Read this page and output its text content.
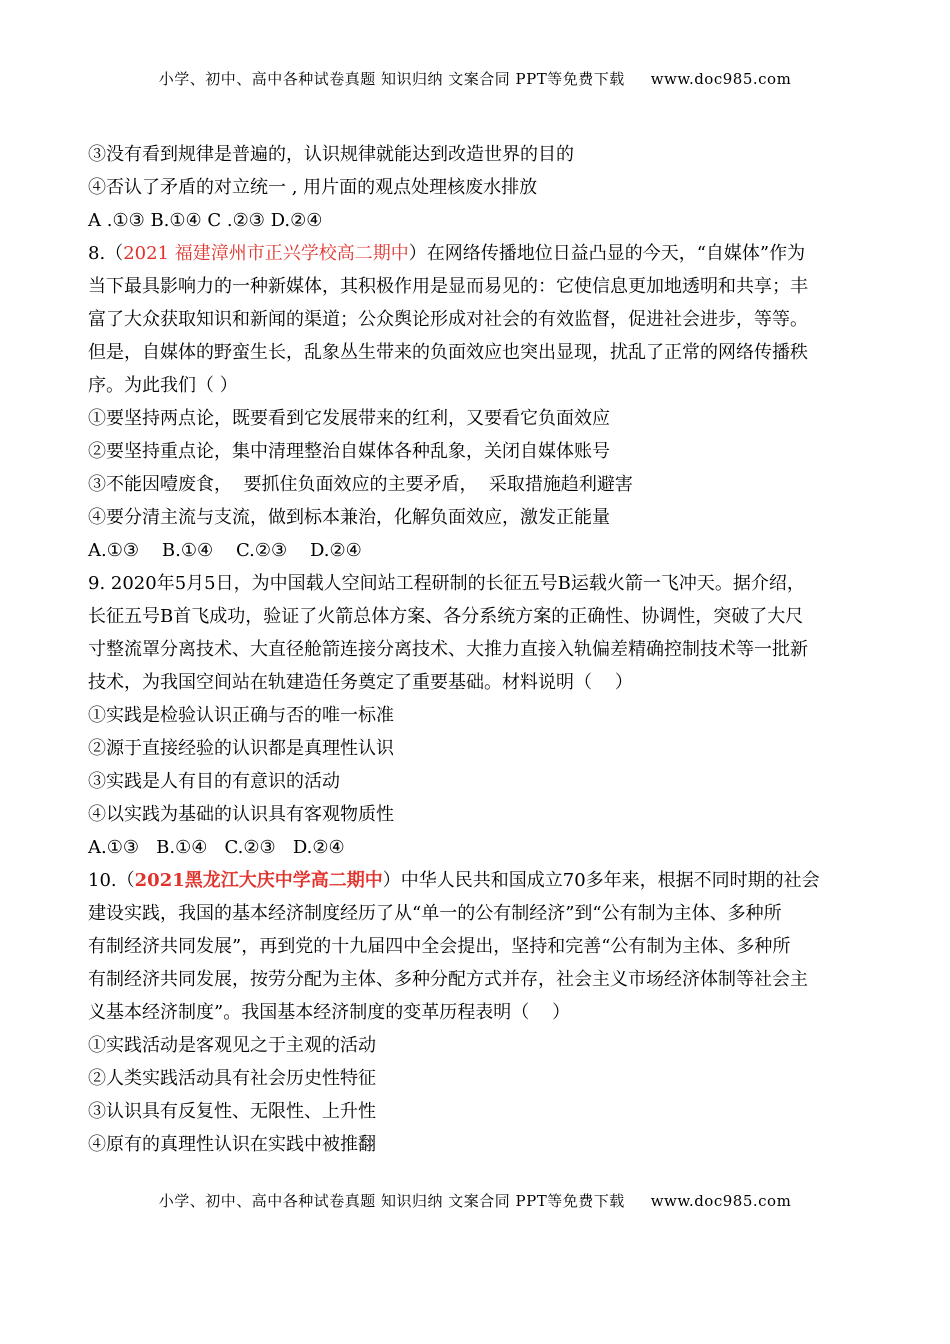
小学、初中、高中各种试卷真题 知识归纳 文案合同 PPT等免费下载 www.doc985.com
③没有看到规律是普遍的，认识规律就能达到改造世界的目的
④否认了矛盾的对立统一 , 用片面的观点处理核废水排放
A .①③ B.①④ C .②③ D.②④
8.（2021 福建漳州市正兴学校高二期中）在网络传播地位日益凸显的今天，“自媒体”作为
当下最具影响力的一种新媒体，其积极作用是显而易见的：它使信息更加地透明和共享；丰
富了大众获取知识和新闻的渠道；公众舆论形成对社会的有效监督，促进社会进步，等等。
但是，自媒体的野蛮生长，乱象丛生带来的负面效应也突出显现，扰乱了正常的网络传播秩
序。为此我们（ ）
①要坚持两点论，既要看到它发展带来的红利，又要看它负面效应
②要坚持重点论，集中清理整治自媒体各种乱象，关闭自媒体账号
③不能因噎废食，  要抓住负面效应的主要矛盾，  采取措施趋利避害
④要分清主流与支流，做到标本兼治，化解负面效应，激发正能量
A.①③    B.①④    C.②③    D.②④
9. 2020年5月5日，为中国载人空间站工程研制的长征五号B运载火箭一飞冲天。据介绍，
长征五号B首飞成功，验证了火箭总体方案、各分系统方案的正确性、协调性，突破了大尺
寸整流罩分离技术、大直径舱箭连接分离技术、大推力直接入轨偏差精确控制技术等一批新
技术，为我国空间站在轨建造任务奠定了重要基础。材料说明（    ）
①实践是检验认识正确与否的唯一标准
②源于直接经验的认识都是真理性认识
③实践是人有目的有意识的活动
④以实践为基础的认识具有客观物质性
A.①③   B.①④   C.②③   D.②④
10.（2021黑龙江大庆中学高二期中）中华人民共和国成立70多年来，根据不同时期的社会
建设实践，我国的基本经济制度经历了从“单一的公有制经济”到“公有制为主体、多种所
有制经济共同发展”，再到党的十九届四中全会提出，坚持和完善“公有制为主体、多种所
有制经济共同发展，按劳分配为主体、多种分配方式并存，社会主义市场经济体制等社会主
义基本经济制度”。我国基本经济制度的变革历程表明（    ）
①实践活动是客观见之于主观的活动
②人类实践活动具有社会历史性特征
③认识具有反复性、无限性、上升性
④原有的真理性认识在实践中被推翻
小学、初中、高中各种试卷真题 知识归纳 文案合同 PPT等免费下载 www.doc985.com
